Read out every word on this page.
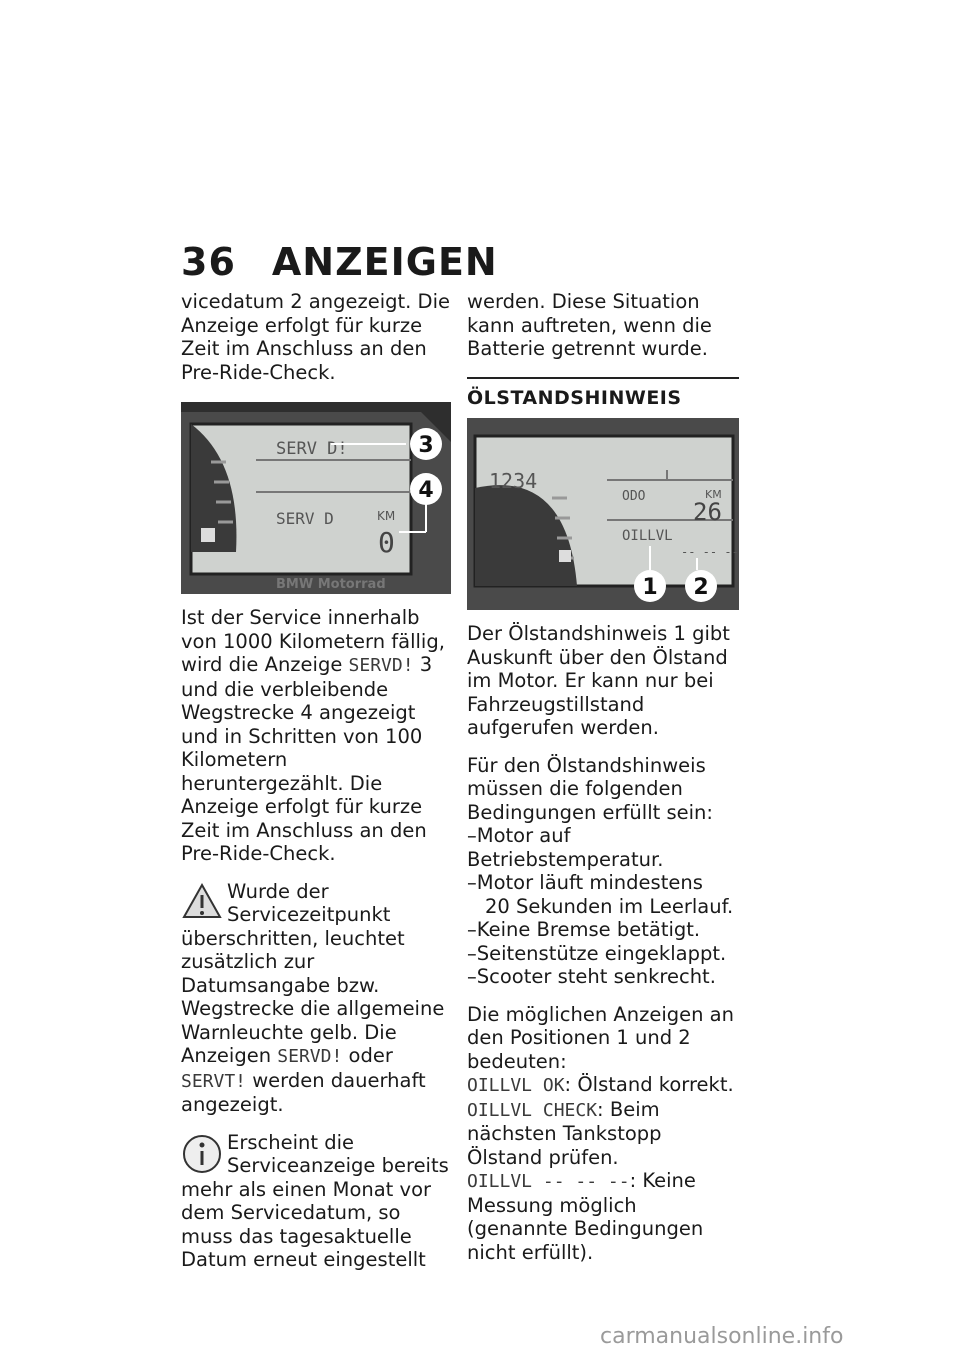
36 ANZEIGEN

vicedatum 2 angezeigt. Die Anzeige erfolgt für kurze Zeit im Anschluss an den Pre-Ride-Check.

SERV D!
SERV D	KM
0
BMW Motorrad
3
4

Ist der Service innerhalb von 1000 Kilometern fällig, wird die Anzeige SERVD! 3 und die verbleibende Wegstrecke 4 angezeigt und in Schritten von 100 Kilometern heruntergezählt. Die Anzeige erfolgt für kurze Zeit im Anschluss an den Pre-Ride-Check.

Wurde der Servicezeitpunkt überschritten, leuchtet zusätzlich zur Datumsangabe bzw. Wegstrecke die allgemeine Warnleuchte gelb. Die Anzeigen SERVD! oder SERVT! werden dauerhaft angezeigt.

Erscheint die Serviceanzeige bereits mehr als einen Monat vor dem Servicedatum, so muss das tagesaktuelle Datum erneut eingestellt

werden. Diese Situation kann auftreten, wenn die Batterie getrennt wurde.

ÖLSTANDSHINWEIS
1234
ODO	KM
26
OILLVL
-- -- --
1 2

Der Ölstandshinweis 1 gibt Auskunft über den Ölstand im Motor. Er kann nur bei Fahrzeugstillstand aufgerufen werden.

Für den Ölstandshinweis müssen die folgenden Bedingungen erfüllt sein:

–Motor auf Betriebstemperatur.
–Motor läuft mindestens
20 Sekunden im Leerlauf.
–Keine Bremse betätigt.
–Seitenstütze eingeklappt.
–Scooter steht senkrecht.

Die möglichen Anzeigen an den Positionen 1 und 2 bedeuten:

OILLVL OK: Ölstand korrekt.
OILLVL CHECK: Beim nächsten Tankstopp Ölstand prüfen.
OILLVL -- -- --: Keine Messung möglich (genannte Bedingungen nicht erfüllt).
carmanualsonline.info
